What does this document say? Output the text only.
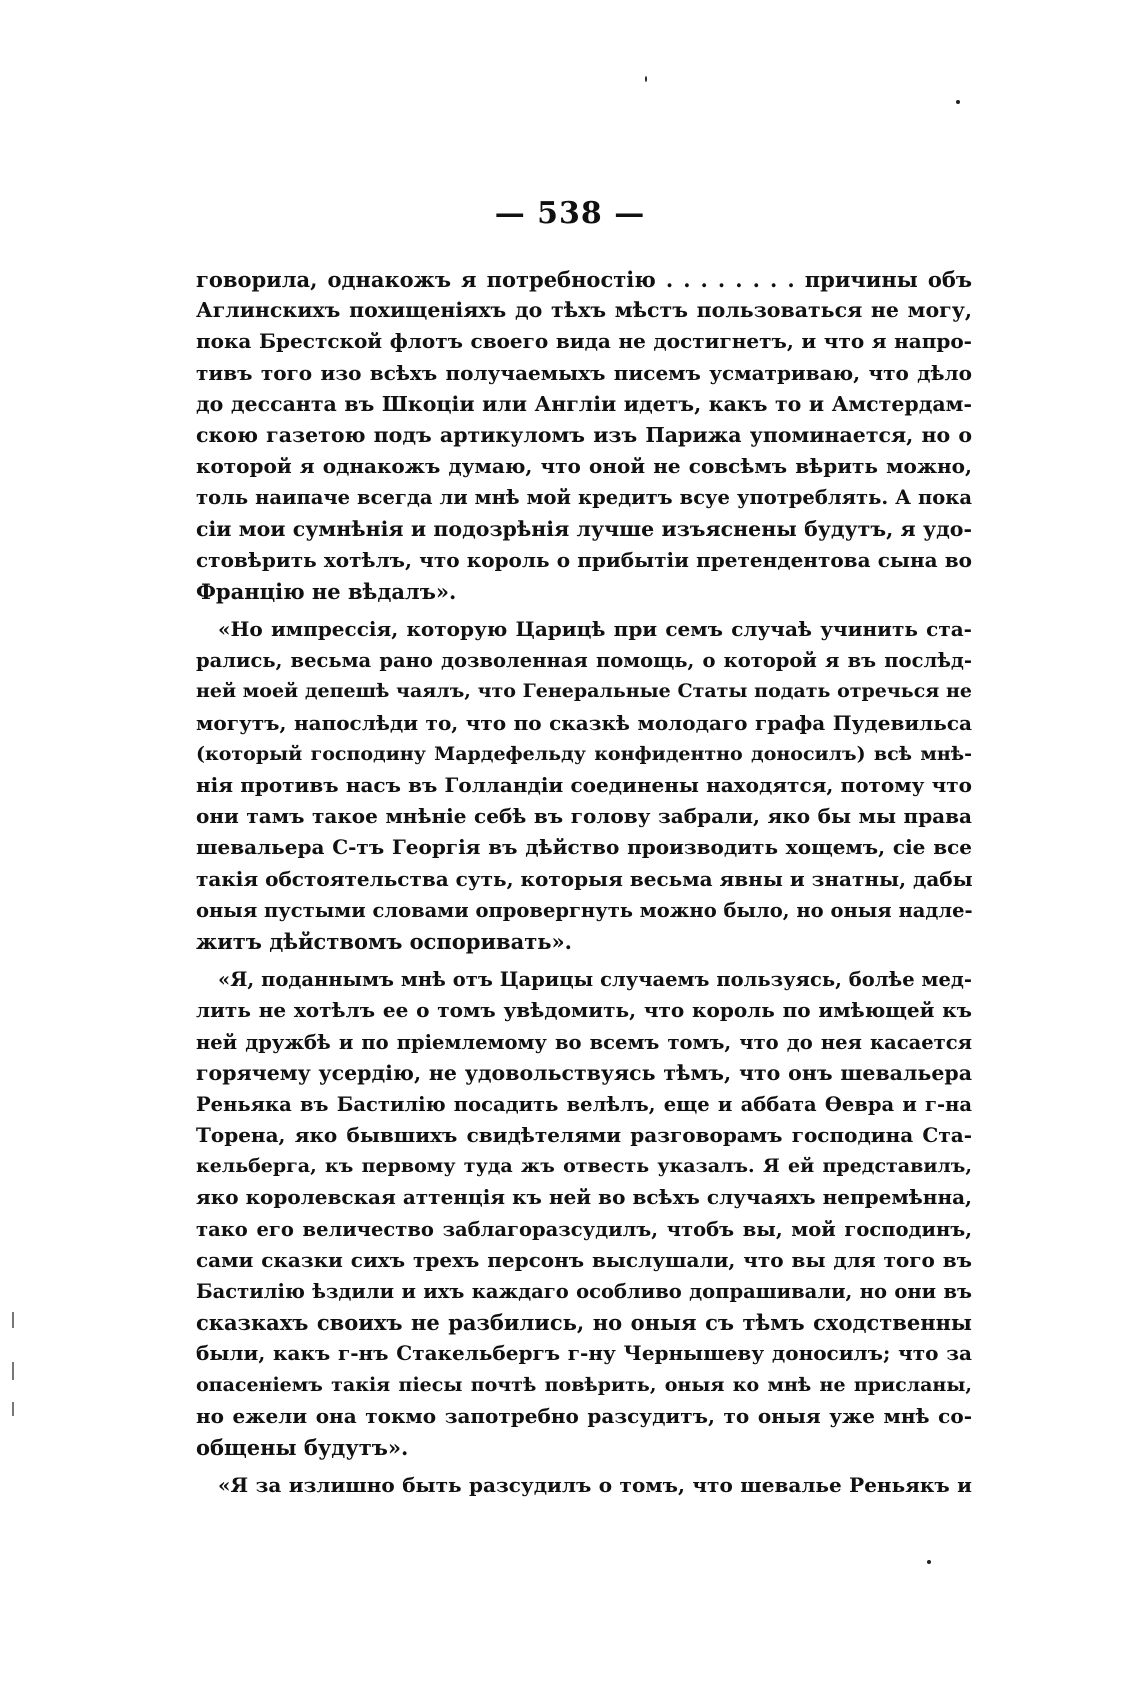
— 538 —
говорила, однакожъ я потребностію . . . . . . . . причины объ
Аглинскихъ похищеніяхъ до тѣхъ мѣстъ пользоваться не могу,
пока Брестской флотъ своего вида не достигнетъ, и что я напро-
тивъ того изо всѣхъ получаемыхъ писемъ усматриваю, что дѣло
до дессанта въ Шкоціи или Англіи идетъ, какъ то и Амстердам-
скою газетою подъ артикуломъ изъ Парижа упоминается, но о
которой я однакожъ думаю, что оной не совсѣмъ вѣрить можно,
толь наипаче всегда ли мнѣ мой кредитъ всуе употреблять. А пока
сіи мои сумнѣнія и подозрѣнія лучше изъяснены будутъ, я удо-
стовѣрить хотѣлъ, что король о прибытіи претендентова сына во
Францію не вѣдалъ».
«Но импрессія, которую Царицѣ при семъ случаѣ учинить ста-
рались, весьма рано дозволенная помощь, о которой я въ послѣд-
ней моей депешѣ чаялъ, что Генеральные Статы подать отречься не
могутъ, напослѣди то, что по сказкѣ молодаго графа Пудевильса
(который господину Мардефельду конфидентно доносилъ) всѣ мнѣ-
нія противъ насъ въ Голландіи соединены находятся, потому что
они тамъ такое мнѣніе себѣ въ голову забрали, яко бы мы права
шевальера С-тъ Георгія въ дѣйство производить хощемъ, сіе все
такія обстоятельства суть, которыя весьма явны и знатны, дабы
оныя пустыми словами опровергнуть можно было, но оныя надле-
житъ дѣйствомъ оспоривать».
«Я, поданнымъ мнѣ отъ Царицы случаемъ пользуясь, болѣе мед-
лить не хотѣлъ ее о томъ увѣдомить, что король по имѣющей къ
ней дружбѣ и по пріемлемому во всемъ томъ, что до нея касается
горячему усердію, не удовольствуясь тѣмъ, что онъ шевальера
Реньяка въ Бастилію посадить велѣлъ, еще и аббата Өевра и г-на
Торена, яко бывшихъ свидѣтелями разговорамъ господина Ста-
кельберга, къ первому туда жъ отвесть указалъ. Я ей представилъ,
яко королевская аттенція къ ней во всѣхъ случаяхъ непремѣнна,
тако его величество заблагоразсудилъ, чтобъ вы, мой господинъ,
сами сказки сихъ трехъ персонъ выслушали, что вы для того въ
Бастилію ѣздили и ихъ каждаго особливо допрашивали, но они въ
сказкахъ своихъ не разбились, но оныя съ тѣмъ сходственны
были, какъ г-нъ Стакельбергъ г-ну Чернышеву доносилъ; что за
опасеніемъ такія піесы почтѣ повѣрить, оныя ко мнѣ не присланы,
но ежели она токмо запотребно разсудитъ, то оныя уже мнѣ со-
общены будутъ».
«Я за излишно быть разсудилъ о томъ, что шевалье Реньякъ и
